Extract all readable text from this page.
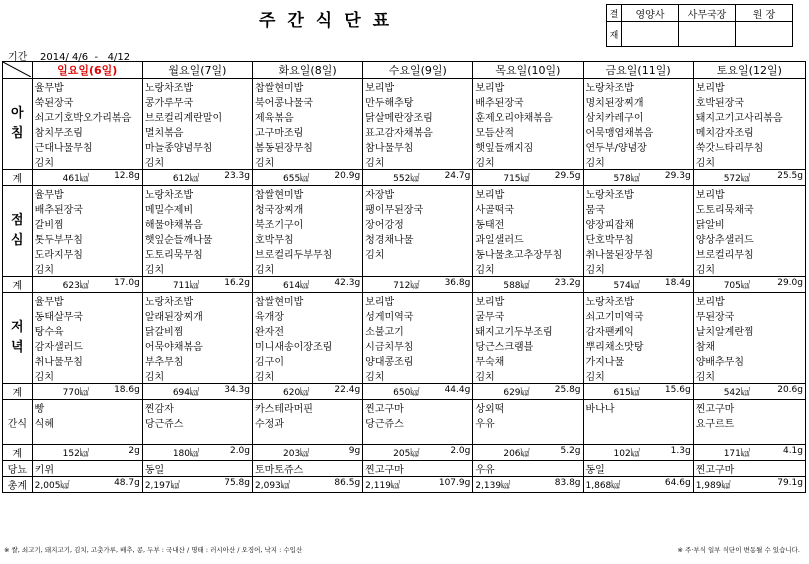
주간식단표	결	영양사	사무국장	원 장
재			
기간 2014/ 4/6  -   4/12
	일요일(6일)	월요일(7일)	화요일(8일)	수요일(9일)	목요일(10일)	금요일(11일)	토요일(12일)
아 침	율무밥	노랑차조밥	찹쌀현미밥	보리밥	보리밥	노랑차조밥	보리밥
	쑥된장국	콩가루무국	북어콩나물국	만두해추탕	배추된장국	명치된장찌개	호박된장국
	쇠고기호박오가리볶음	브로컬리계란말이	제육볶음	닭살메란장조림	훈제오리야채볶음	삼치카레구이	돼지고기고사리볶음
	참치무조림	멸치볶음	고구마조림	표고감자채볶음	모듬산적	어묵맹엽채볶음	메치감자조림
	근대나물무침	마늘종양념무침	봄동된장무침	참나물무침	햇잎들깨지짐	연두부/양념장	쑥갓느타리무침
	김치	김치	김치	김치	김치	김치	김치
계	461㎉ 12.8g	612㎉ 23.3g	655㎉ 20.9g	552㎉ 24.7g	715㎉ 29.5g	578㎉ 29.3g	572㎉ 25.5g

점 심	율무밥	노랑차조밥	찹쌀현미밥	자장밥	보리밥	노랑차조밥	보리밥
	배추된장국	메밀수제비	청국장찌개	팽이무된장국	사골떡국	뭄국	도토리묵채국
	갈비찜	해물야채볶음	북조기구이	장어강정	동태전	양장피잡채	닭알비
	톳두부무침	햇잎순들깨나물	호박무침	청경채나물	과일샐러드	단호박무침	양상추샐러드
	도라지무침	도토리묵무침	브로컬리두부무침	김치	동나물초고추장무침	취나물된장무침	브로컬리무침
	김치	김치	김치		김치	김치	김치
계	623㎉ 17.0g	711㎉ 16.2g	614㎉ 42.3g	712㎉ 36.8g	588㎉ 23.2g	574㎉ 18.4g	705㎉ 29.0g

저 녁	율무밥	노랑차조밥	찹쌀현미밥	보리밥	보리밥	노랑차조밥	보리밥
	동태살무국	알래된장찌개	육개장	성게미역국	굴무국	쇠고기미역국	무된장국
	탕수육	닭갈비찜	완자전	소불고기	돼지고기두부조림	감자팬케익	날치알계란찜
	감자샐러드	어묵야채볶음	미니새송이장조림	시금치무침	당근스크램블	뿌리채소맛탕	참채
	취나물무침	부추무침	김구이	양대콩조림	무숙채	가지나물	양배추무침
	김치	김치	김치	김치	김치	김치	김치
계	770㎉ 18.6g	694㎉ 34.3g	620㎉ 22.4g	650㎉ 44.4g	629㎉ 25.8g	615㎉ 15.6g	542㎉ 20.6g

간식	빵	찐감자	카스테라머핀	찐고구마	상외떡	바나나	찐고구마
	식혜	당근쥬스	수정과	당근쥬스	우유		요구르트

계	152㎉ 2g	180㎉ 2.0g	203㎉ 9g	205㎉ 2.0g	206㎉ 5.2g	102㎉ 1.3g	171㎉ 4.1g

당뇨	키위	동일	토마토쥬스	찐고구마	우유	동일	찐고구마
총계	2,005㎉ 48.7g	2,197㎉ 75.8g	2,093㎉ 86.5g	2,119㎉ 107.9g	2,139㎉ 83.8g	1,868㎉ 64.6g	1,989㎉ 79.1g
※ 쌀, 쇠고기, 돼지고기, 김치, 고춧가루, 배추, 콩, 두부 : 국내산 / 명태 : 러시아산 / 오징어, 낙지 : 수입산	※ 주·부식 일부 식단이 변동될 수 있습니다.
